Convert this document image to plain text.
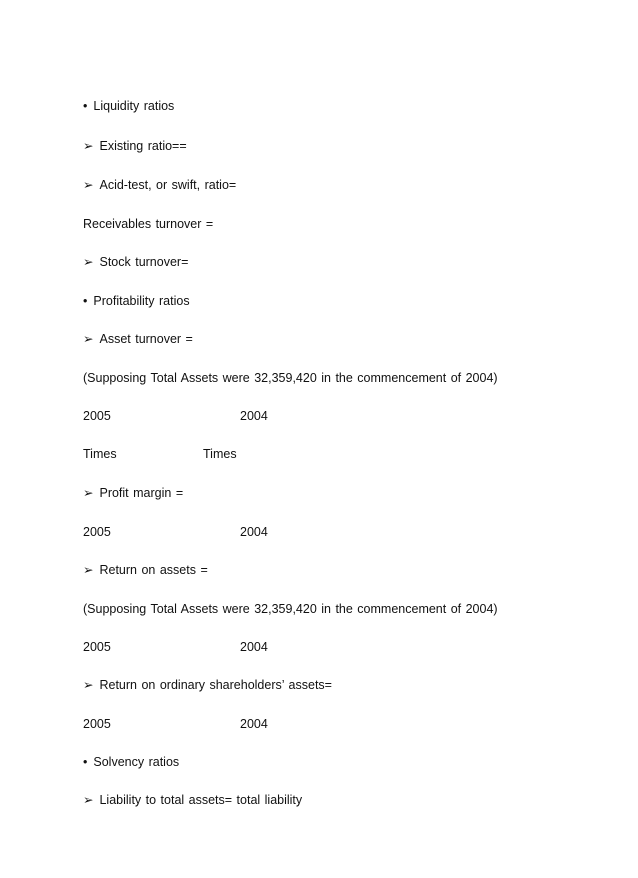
• Liquidity ratios
➢ Existing ratio==
➢ Acid-test, or swift, ratio=
Receivables turnover =
➢ Stock turnover=
• Profitability ratios
➢ Asset turnover =
(Supposing Total Assets were 32,359,420 in the commencement of 2004)
2005	2004
Times	Times
➢ Profit margin =
2005	2004
➢ Return on assets =
(Supposing Total Assets were 32,359,420 in the commencement of 2004)
2005	2004
➢ Return on ordinary shareholders’ assets=
2005	2004
• Solvency ratios
➢ Liability to total assets= total liability
